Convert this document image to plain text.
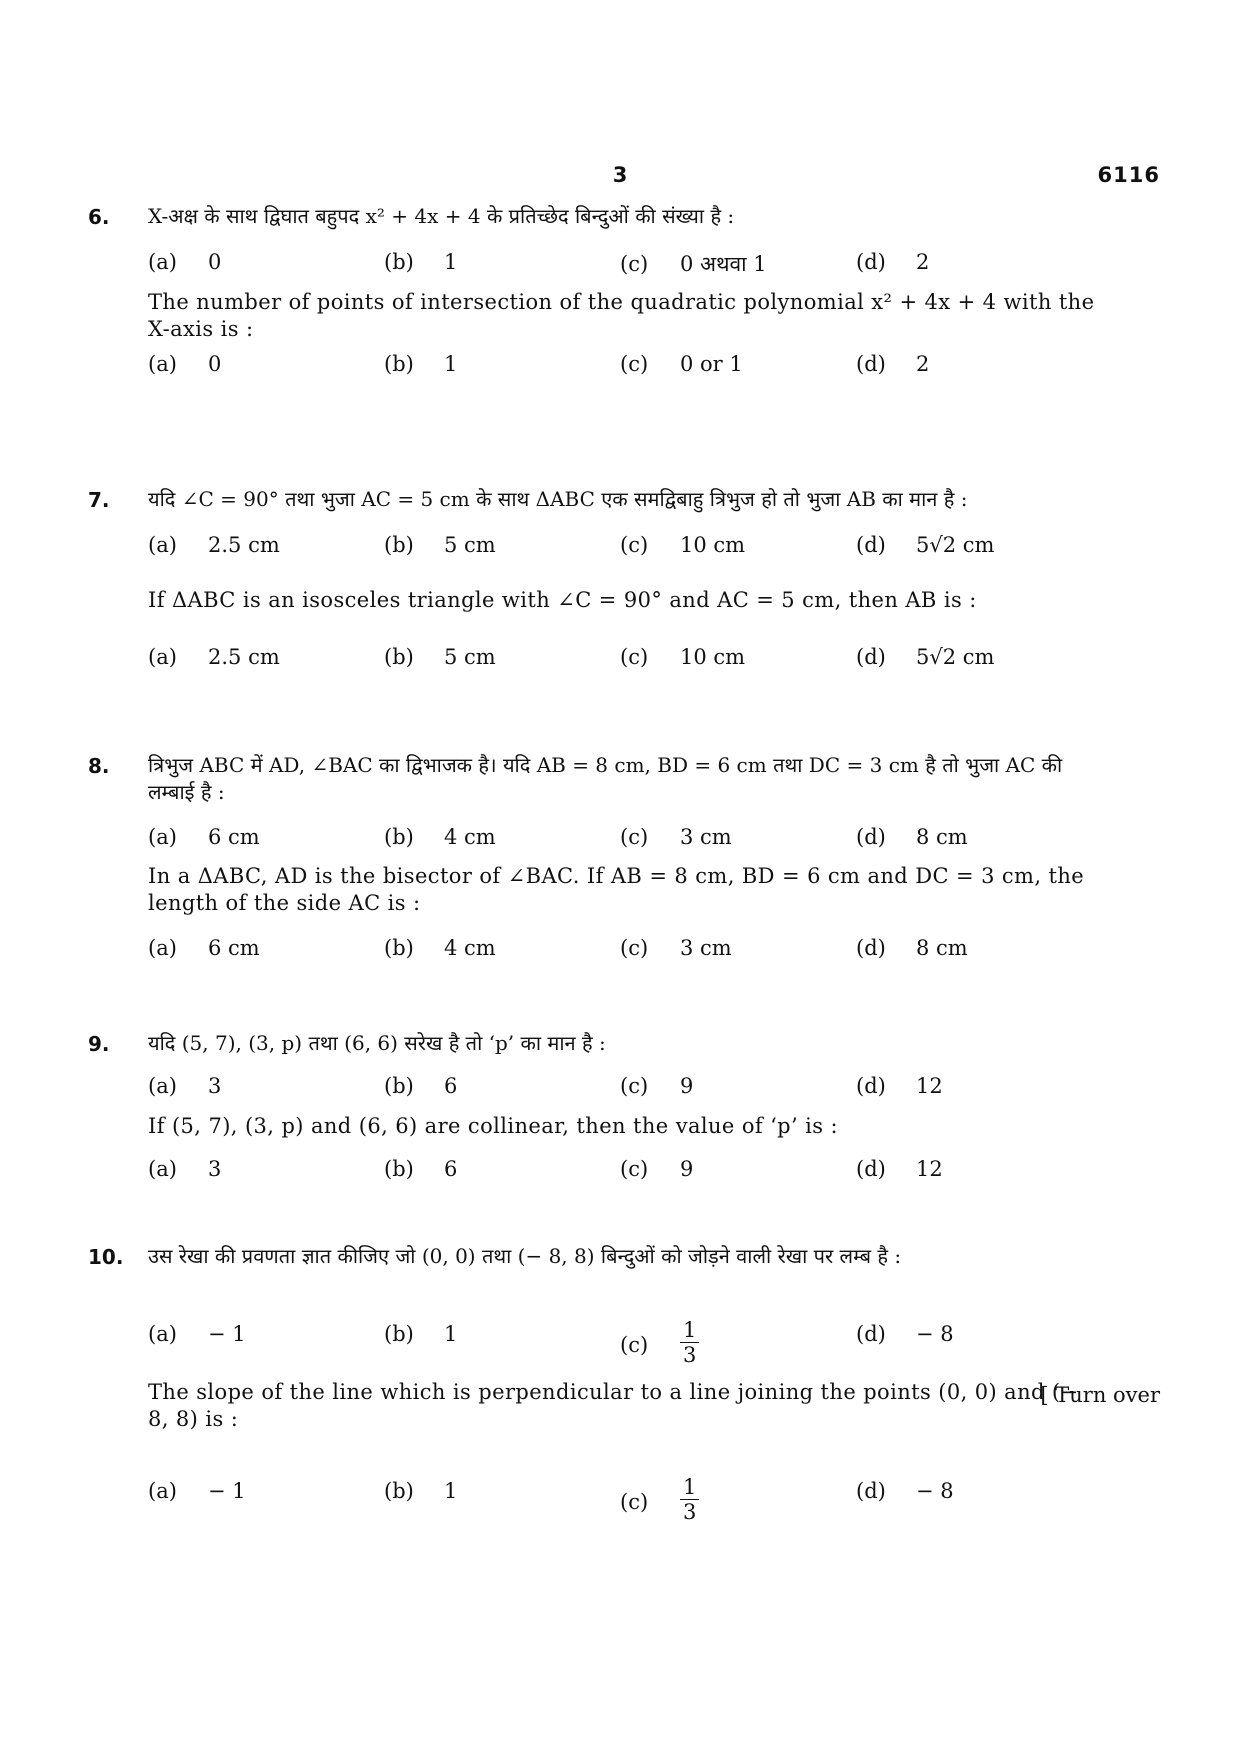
3	6116
6. X-अक्ष के साथ द्विघात बहुपद x² + 4x + 4 के प्रतिच्छेद बिन्दुओं की संख्या है :
(a) 0	(b) 1	(c) 0 अथवा 1	(d) 2
The number of points of intersection of the quadratic polynomial x² + 4x + 4 with the X-axis is :
(a) 0	(b) 1	(c) 0 or 1	(d) 2
7. यदि ∠C = 90° तथा भुजा AC = 5 cm के साथ ΔABC एक समद्विबाहु त्रिभुज हो तो भुजा AB का मान है :
(a) 2.5 cm	(b) 5 cm	(c) 10 cm	(d) 5√2 cm
If ΔABC is an isosceles triangle with ∠C = 90° and AC = 5 cm, then AB is :
(a) 2.5 cm	(b) 5 cm	(c) 10 cm	(d) 5√2 cm
8. त्रिभुज ABC में AD, ∠BAC का द्विभाजक है। यदि AB = 8 cm, BD = 6 cm तथा DC = 3 cm है तो भुजा AC की लम्बाई है :
(a) 6 cm	(b) 4 cm	(c) 3 cm	(d) 8 cm
In a ΔABC, AD is the bisector of ∠BAC. If AB = 8 cm, BD = 6 cm and DC = 3 cm, the length of the side AC is :
(a) 6 cm	(b) 4 cm	(c) 3 cm	(d) 8 cm
9. यदि (5, 7), (3, p) तथा (6, 6) सरेख है तो ‘p’ का मान है :
(a) 3	(b) 6	(c) 9	(d) 12
If (5, 7), (3, p) and (6, 6) are collinear, then the value of ‘p’ is :
(a) 3	(b) 6	(c) 9	(d) 12
10. उस रेखा की प्रवणता ज्ञात कीजिए जो (0, 0) तथा (− 8, 8) बिन्दुओं को जोड़ने वाली रेखा पर लम्ब है :
(a) − 1	(b) 1	$(c) \frac{1}{3}$	(d) − 8
The slope of the line which is perpendicular to a line joining the points (0, 0) and (− 8, 8) is :
(a) − 1	(b) 1	$(c) \frac{1}{3}$	(d) − 8
[ Turn over
